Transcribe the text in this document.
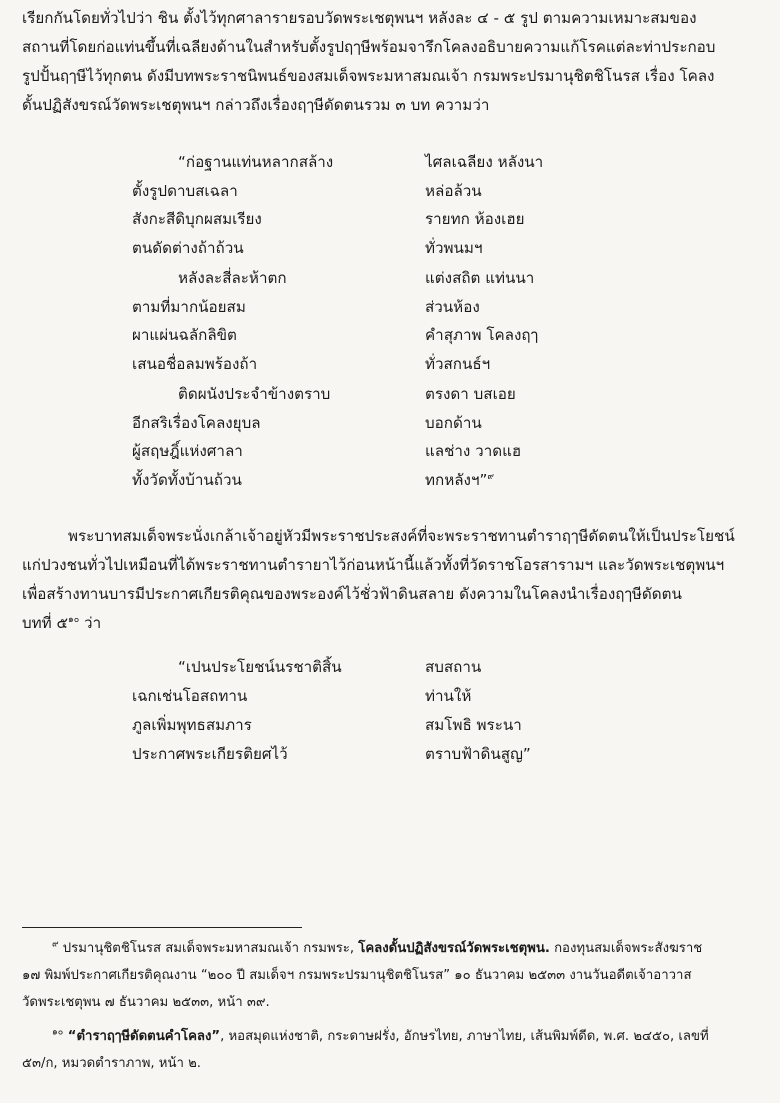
เรียกกันโดยทั่วไปว่า ชิน ตั้งไว้ทุกศาลารายรอบวัดพระเชตุพนฯ หลังละ ๔ - ๕ รูป ตามความเหมาะสมของ
สถานที่โดยก่อแท่นขึ้นที่เฉลียงด้านในสำหรับตั้งรูปฤๅษีพร้อมจารึกโคลงอธิบายความแก้โรคแต่ละท่าประกอบ
รูปปั้นฤๅษีไว้ทุกตน ดังมีบทพระราชนิพนธ์ของสมเด็จพระมหาสมณเจ้า กรมพระปรมานุชิตชิโนรส เรื่อง โคลง
ดั้นปฏิสังขรณ์วัดพระเชตุพนฯ กล่าวถึงเรื่องฤๅษีดัดตนรวม ๓ บท ความว่า
“ก่อฐานแท่นหลากสล้าง	ไศลเฉลียง หลังนา
ตั้งรูปดาบสเฉลา	หล่อล้วน
สังกะสีดิบุกผสมเรียง	รายทก ห้องเฮย
ตนดัดต่างถ้าถ้วน	ทั่วพนมฯ
หลังละสี่ละห้าตก	แต่งสถิต แท่นนา
ตามที่มากน้อยสม	ส่วนห้อง
ผาแผ่นฉลักลิขิต	คำสุภาพ โคลงฤๅ
เสนอชื่อลมพร้องถ้า	ทั่วสกนธ์ฯ
ติดผนังประจำข้างตราบ	ตรงดา บสเอย
อีกสริเรื่องโคลงยุบล	บอกด้าน
ผู้สฤษฎิ์แห่งศาลา	แลช่าง วาดแฮ
ทั้งวัดทั้งบ้านถ้วน	ทกหลังฯ”$^๙$
พระบาทสมเด็จพระนั่งเกล้าเจ้าอยู่หัวมีพระราชประสงค์ที่จะพระราชทานตำราฤๅษีดัดตนให้เป็นประโยชน์
แก่ปวงชนทั่วไปเหมือนที่ได้พระราชทานตำรายาไว้ก่อนหน้านี้แล้วทั้งที่วัดราชโอรสารามฯ และวัดพระเชตุพนฯ
เพื่อสร้างทานบารมีประกาศเกียรติคุณของพระองค์ไว้ชั่วฟ้าดินสลาย ดังความในโคลงนำเรื่องฤๅษีดัดตน
บทที่ ๕$^{๑๐}$ ว่า
“เปนประโยชน์นรชาติสิ้น	สบสถาน
เฉกเช่นโอสถทาน	ท่านให้
ภูลเพิ่มพุทธสมภาร	สมโพธิ พระนา
ประกาศพระเกียรติยศไว้	ตราบฟ้าดินสูญ”
$^๙$ ปรมานุชิตชิโนรส สมเด็จพระมหาสมณเจ้า กรมพระ, โคลงดั้นปฏิสังขรณ์วัดพระเชตุพน. กองทุนสมเด็จพระสังฆราช
๑๗ พิมพ์ประกาศเกียรติคุณงาน “๒๐๐ ปี สมเด็จฯ กรมพระปรมานุชิตชิโนรส” ๑๐ ธันวาคม ๒๕๓๓ งานวันอดีตเจ้าอาวาส
วัดพระเชตุพน ๗ ธันวาคม ๒๕๓๓, หน้า ๓๙.
$^{๑๐}$ “ตำราฤๅษีดัดตนคำโคลง”, หอสมุดแห่งชาติ, กระดาษฝรั่ง, อักษรไทย, ภาษาไทย, เส้นพิมพ์ดีด, พ.ศ. ๒๔๕๐, เลขที่
๕๓/ก, หมวดตำราภาพ, หน้า ๒.
